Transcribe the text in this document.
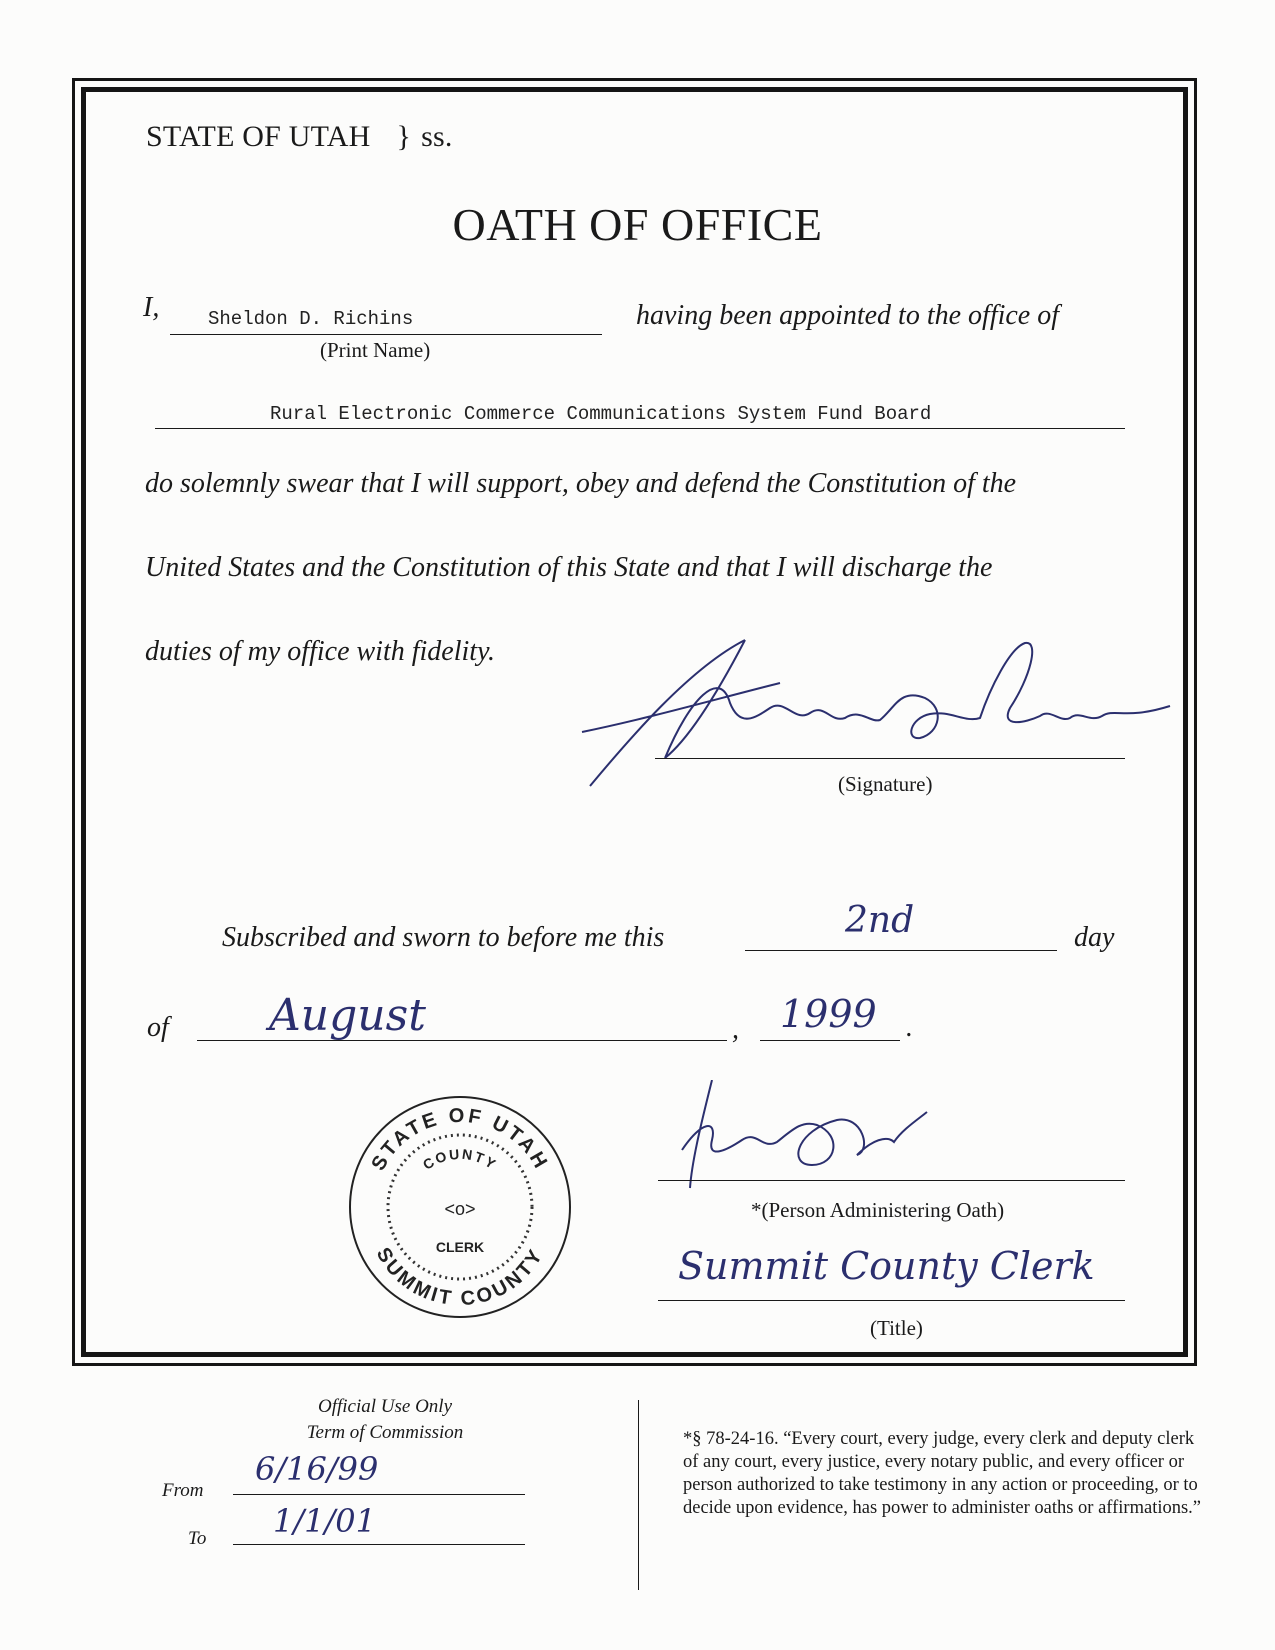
STATE OF UTAH } ss.
OATH OF OFFICE
I,	Sheldon D. Richins
(Print Name)
having been appointed to the office of
Rural Electronic Commerce Communications System Fund Board
do solemnly swear that I will support, obey and defend the Constitution of the
United States and the Constitution of this State and that I will discharge the
duties of my office with fidelity.
(Signature)
Subscribed and sworn to before me this	2nd	day
of August	, 1999 .
STATE OF UTAH
SUMMIT COUNTY
COUNTY
<o>
CLERK
*(Person Administering Oath)
Summit County Clerk
(Title)
Official Use Only
Term of Commission
From
6/16/99
To 1/1/01
*§ 78-24-16. “Every court, every judge, every clerk and deputy clerk of any court, every justice, every notary public, and every officer or person authorized to take testimony in any action or proceeding, or to decide upon evidence, has power to administer oaths or affirmations.”
